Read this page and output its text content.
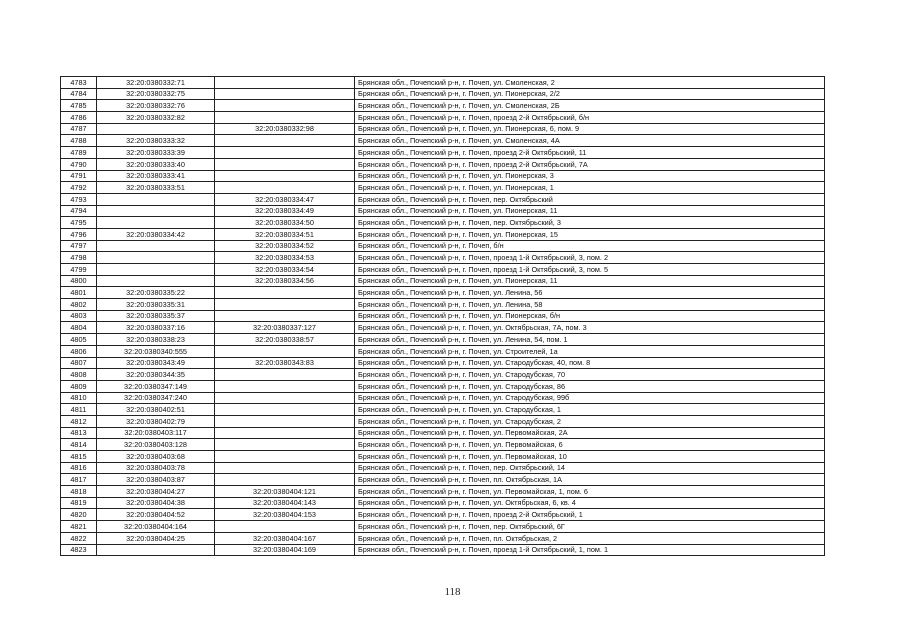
4783	32:20:0380332:71		Брянская обл., Почепский р-н, г. Почеп, ул. Смоленская, 2
4784	32:20:0380332:75		Брянская обл., Почепский р-н, г. Почеп, ул. Пионерская, 2/2
4785	32:20:0380332:76		Брянская обл., Почепский р-н, г. Почеп, ул. Смоленская, 2Б
4786	32:20:0380332:82		Брянская обл., Почепский р-н, г. Почеп, проезд 2-й Октябрьский, б/н
4787		32:20:0380332:98	Брянская обл., Почепский р-н, г. Почеп, ул. Пионерская, 6, пом. 9
4788	32:20:0380333:32		Брянская обл., Почепский р-н, г. Почеп, ул. Смоленская, 4А
4789	32:20:0380333:39		Брянская обл., Почепский р-н, г. Почеп, проезд 2-й Октябрьский, 11
4790	32:20:0380333:40		Брянская обл., Почепский р-н, г. Почеп, проезд 2-й Октябрьский, 7А
4791	32:20:0380333:41		Брянская обл., Почепский р-н, г. Почеп, ул. Пионерская, 3
4792	32:20:0380333:51		Брянская обл., Почепский р-н, г. Почеп, ул. Пионерская, 1
4793		32:20:0380334:47	Брянская обл., Почепский р-н, г. Почеп, пер. Октябрьский
4794		32:20:0380334:49	Брянская обл., Почепский р-н, г. Почеп, ул. Пионерская, 11
4795		32:20:0380334:50	Брянская обл., Почепский р-н, г. Почеп, пер. Октябрьский, 3
4796	32:20:0380334:42	32:20:0380334:51	Брянская обл., Почепский р-н, г. Почеп, ул. Пионерская, 15
4797		32:20:0380334:52	Брянская обл., Почепский р-н, г. Почеп, б/н
4798		32:20:0380334:53	Брянская обл., Почепский р-н, г. Почеп, проезд 1-й Октябрьский, 3, пом. 2
4799		32:20:0380334:54	Брянская обл., Почепский р-н, г. Почеп, проезд 1-й Октябрьский, 3, пом. 5
4800		32:20:0380334:56	Брянская обл., Почепский р-н, г. Почеп, ул. Пионерская, 11
4801	32:20:0380335:22		Брянская обл., Почепский р-н, г. Почеп, ул. Ленина, 56
4802	32:20:0380335:31		Брянская обл., Почепский р-н, г. Почеп, ул. Ленина, 58
4803	32:20:0380335:37		Брянская обл., Почепский р-н, г. Почеп, ул. Пионерская, б/н
4804	32:20:0380337:16	32:20:0380337:127	Брянская обл., Почепский р-н, г. Почеп, ул. Октябрьская, 7А, пом. 3
4805	32:20:0380338:23	32:20:0380338:57	Брянская обл., Почепский р-н, г. Почеп, ул. Ленина, 54, пом. 1
4806	32:20:0380340:555		Брянская обл., Почепский р-н, г. Почеп, ул. Строителей, 1а
4807	32:20:0380343:49	32:20:0380343:83	Брянская обл., Почепский р-н, г. Почеп, ул. Стародубская, 40, пом. 8
4808	32:20:0380344:35		Брянская обл., Почепский р-н, г. Почеп, ул. Стародубская, 70
4809	32:20:0380347:149		Брянская обл., Почепский р-н, г. Почеп, ул. Стародубская, 86
4810	32:20:0380347:240		Брянская обл., Почепский р-н, г. Почеп, ул. Стародубская, 99б
4811	32:20:0380402:51		Брянская обл., Почепский р-н, г. Почеп, ул. Стародубская, 1
4812	32:20:0380402:79		Брянская обл., Почепский р-н, г. Почеп, ул. Стародубская, 2
4813	32:20:0380403:117		Брянская обл., Почепский р-н, г. Почеп, ул. Первомайская, 2А
4814	32:20:0380403:128		Брянская обл., Почепский р-н, г. Почеп, ул. Первомайская, 6
4815	32:20:0380403:68		Брянская обл., Почепский р-н, г. Почеп, ул. Первомайская, 10
4816	32:20:0380403:78		Брянская обл., Почепский р-н, г. Почеп, пер. Октябрьский, 14
4817	32:20:0380403:87		Брянская обл., Почепский р-н, г. Почеп, пл. Октябрьская, 1А
4818	32:20:0380404:27	32:20:0380404:121	Брянская обл., Почепский р-н, г. Почеп, ул. Первомайская, 1, пом. 6
4819	32:20:0380404:38	32:20:0380404:143	Брянская обл., Почепский р-н, г. Почеп, ул. Октябрьская, 6, кв. 4
4820	32:20:0380404:52	32:20:0380404:153	Брянская обл., Почепский р-н, г. Почеп, проезд 2-й Октябрьский, 1
4821	32:20:0380404:164		Брянская обл., Почепский р-н, г. Почеп, пер. Октябрьский, 6Г
4822	32:20:0380404:25	32:20:0380404:167	Брянская обл., Почепский р-н, г. Почеп, пл. Октябрьская, 2
4823		32:20:0380404:169	Брянская обл., Почепский р-н, г. Почеп, проезд 1-й Октябрьский, 1, пом. 1
118
